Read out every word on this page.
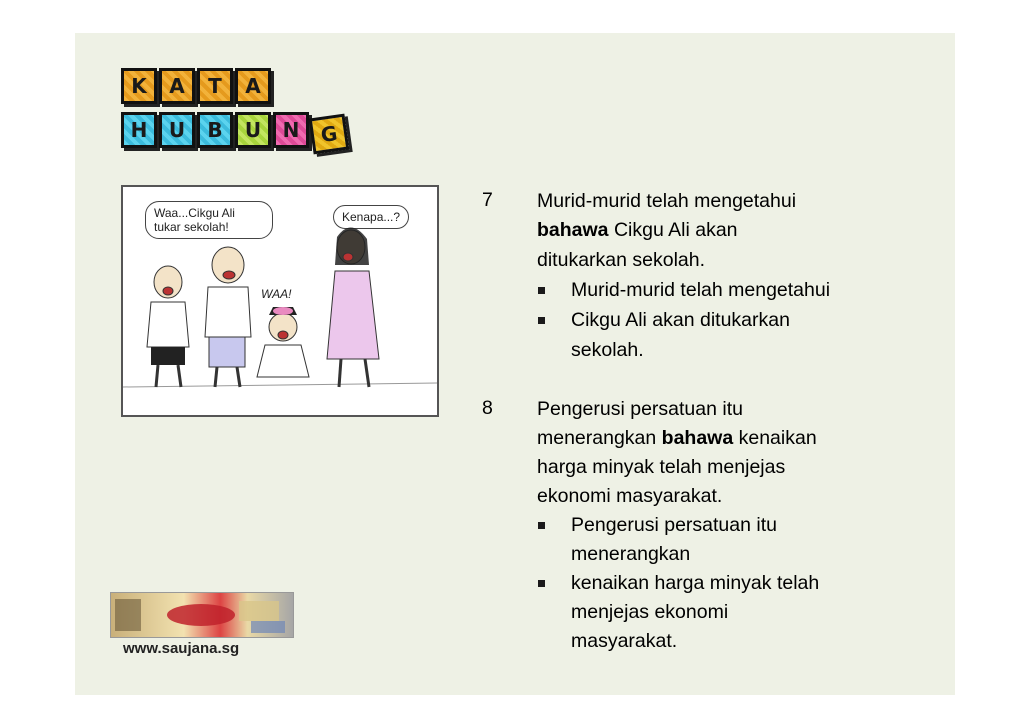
K	A	T	A
H	U	B	U	N G
Waa...Cikgu Ali tukar sekolah!
Kenapa...?
WAA!
7 Murid-murid telah mengetahui
bahawa Cikgu Ali akan
ditukarkan sekolah.
Murid-murid telah mengetahui
Cikgu Ali akan ditukarkan
sekolah.
8 Pengerusi persatuan itu
menerangkan bahawa kenaikan
harga minyak telah menjejas
ekonomi masyarakat.
Pengerusi persatuan itu
menerangkan
kenaikan harga minyak telah
menjejas ekonomi
masyarakat.
www.saujana.sg
